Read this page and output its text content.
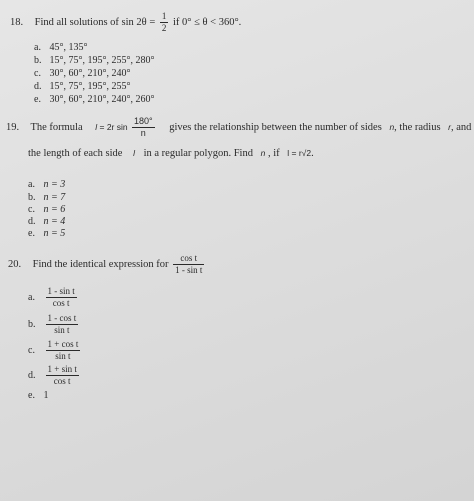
18. Find all solutions of $\sin 2\theta = \frac{1}{2}$ if 0° ≤ θ < 360°.
a. 45°, 135°
b. 15°, 75°, 195°, 255°, 280°
c. 30°, 60°, 210°, 240°
d. 15°, 75°, 195°, 255°
e. 30°, 60°, 210°, 240°, 260°
19. The formula l = 2r $\sin \frac{180^\circ}{n}$ gives the relationship between the number of sides n, the radius r, and
the length of each side l in a regular polygon. Find n , if l = r√2.
a. n = 3
b. n = 7
c. n = 6
d. n = 4
e. n = 5
20. Find the identical expression for $\frac{\text{cos t}}{\text{1 - sin t}}$
a. $\frac{\text{1 - sin t}}{\text{cos t}}$
b. $\frac{\text{1 - cos t}}{\text{sin t}}$
c. $\frac{\text{1 + cos t}}{\text{sin t}}$
d. $\frac{\text{1 + sin t}}{\text{cos t}}$
e. 1
